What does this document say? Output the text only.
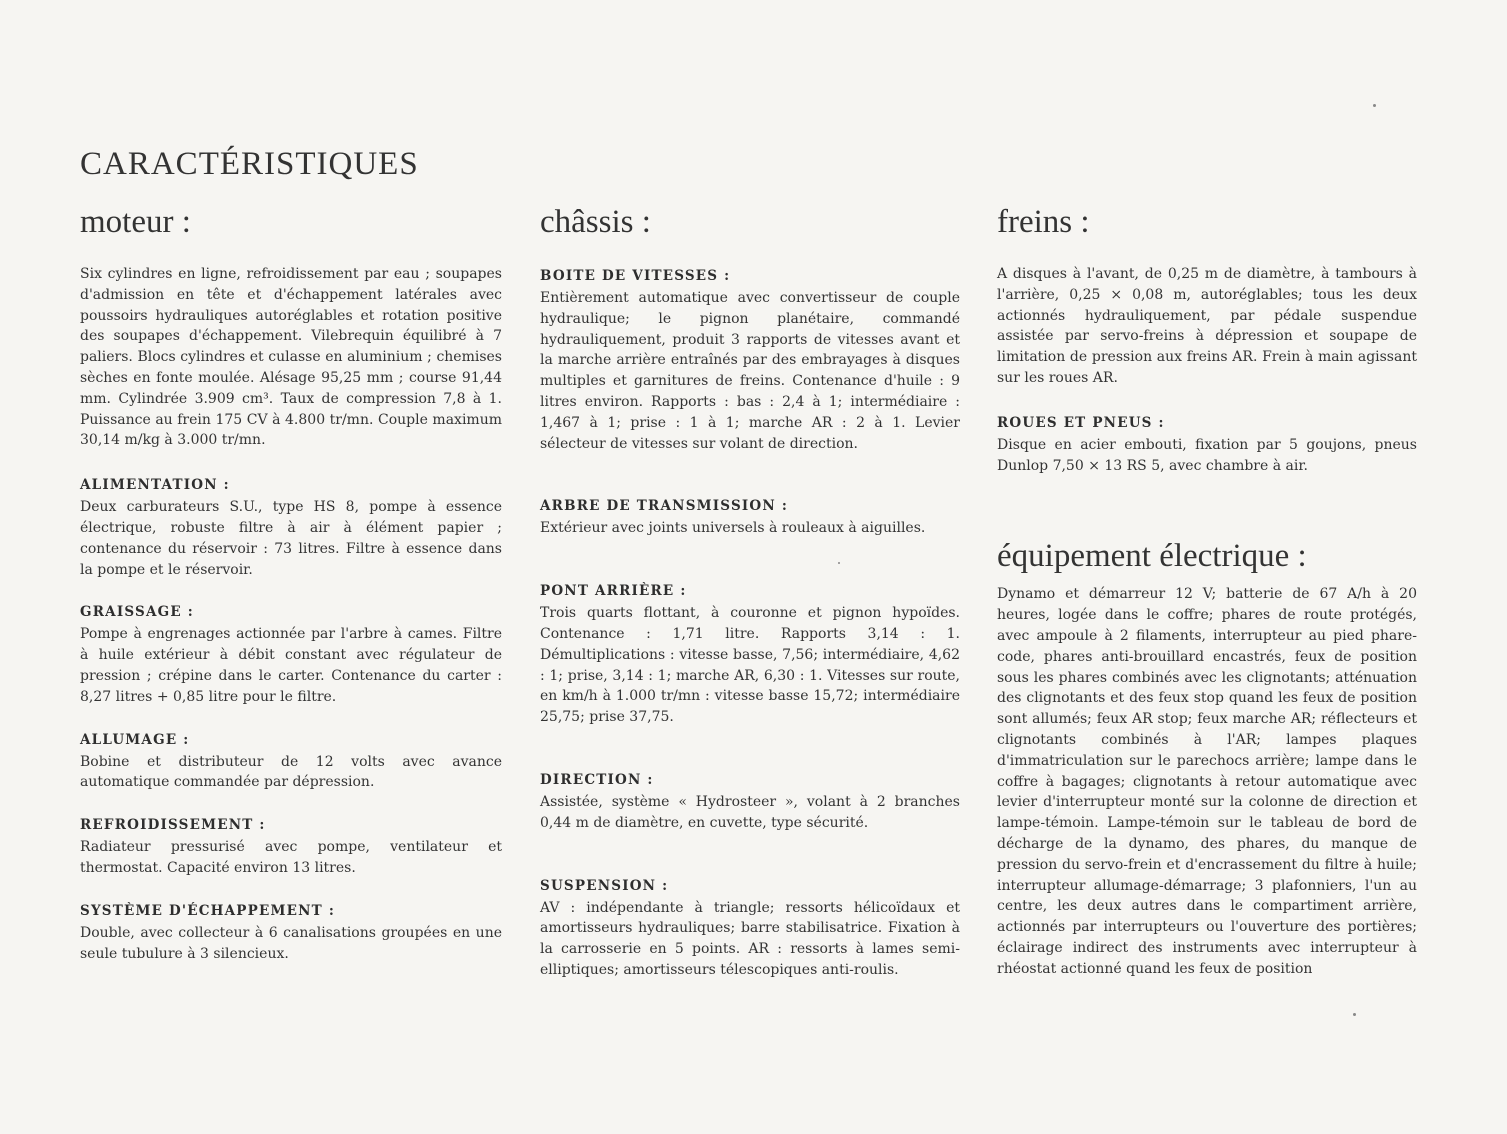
CARACTÉRISTIQUES
moteur :

Six cylindres en ligne, refroidissement par eau ; soupapes d'admission en tête et d'échappement latérales avec poussoirs hydrauliques autoréglables et rotation positive des soupapes d'échappement. Vilebrequin équilibré à 7 paliers. Blocs cylindres et culasse en aluminium ; chemises sèches en fonte moulée. Alésage 95,25 mm ; course 91,44 mm. Cylindrée 3.909 cm³. Taux de compression 7,8 à 1. Puissance au frein 175 CV à 4.800 tr/mn. Couple maximum 30,14 m/kg à 3.000 tr/mn.

ALIMENTATION :

Deux carburateurs S.U., type HS 8, pompe à essence électrique, robuste filtre à air à élément papier ; contenance du réservoir : 73 litres. Filtre à essence dans la pompe et le réservoir.

GRAISSAGE :

Pompe à engrenages actionnée par l'arbre à cames. Filtre à huile extérieur à débit constant avec régulateur de pression ; crépine dans le carter. Contenance du carter : 8,27 litres + 0,85 litre pour le filtre.

ALLUMAGE :

Bobine et distributeur de 12 volts avec avance automatique commandée par dépression.

REFROIDISSEMENT :

Radiateur pressurisé avec pompe, ventilateur et thermostat. Capacité environ 13 litres.

SYSTÈME D'ÉCHAPPEMENT :

Double, avec collecteur à 6 canalisations groupées en une seule tubulure à 3 silencieux.

châssis :

BOITE DE VITESSES :

Entièrement automatique avec convertisseur de couple hydraulique; le pignon planétaire, commandé hydrauliquement, produit 3 rapports de vitesses avant et la marche arrière entraînés par des embrayages à disques multiples et garnitures de freins. Contenance d'huile : 9 litres environ. Rapports : bas : 2,4 à 1; intermédiaire : 1,467 à 1; prise : 1 à 1; marche AR : 2 à 1. Levier sélecteur de vitesses sur volant de direction.

ARBRE DE TRANSMISSION :

Extérieur avec joints universels à rouleaux à aiguilles.

PONT ARRIÈRE :

Trois quarts flottant, à couronne et pignon hypoïdes. Contenance : 1,71 litre. Rapports 3,14 : 1. Démultiplications : vitesse basse, 7,56; intermédiaire, 4,62 : 1; prise, 3,14 : 1; marche AR, 6,30 : 1. Vitesses sur route, en km/h à 1.000 tr/mn : vitesse basse 15,72; intermédiaire 25,75; prise 37,75.

DIRECTION :

Assistée, système « Hydrosteer », volant à 2 branches 0,44 m de diamètre, en cuvette, type sécurité.

SUSPENSION :

AV : indépendante à triangle; ressorts hélicoïdaux et amortisseurs hydrauliques; barre stabilisatrice. Fixation à la carrosserie en 5 points. AR : ressorts à lames semi-elliptiques; amortisseurs télescopiques anti-roulis.

freins :

A disques à l'avant, de 0,25 m de diamètre, à tambours à l'arrière, 0,25 × 0,08 m, autoréglables; tous les deux actionnés hydrauliquement, par pédale suspendue assistée par servo-freins à dépression et soupape de limitation de pression aux freins AR. Frein à main agissant sur les roues AR.

ROUES ET PNEUS :

Disque en acier embouti, fixation par 5 goujons, pneus Dunlop 7,50 × 13 RS 5, avec chambre à air.

équipement électrique :

Dynamo et démarreur 12 V; batterie de 67 A/h à 20 heures, logée dans le coffre; phares de route protégés, avec ampoule à 2 filaments, interrupteur au pied phare-code, phares anti-brouillard encastrés, feux de position sous les phares combinés avec les clignotants; atténuation des clignotants et des feux stop quand les feux de position sont allumés; feux AR stop; feux marche AR; réflecteurs et clignotants combinés à l'AR; lampes plaques d'immatriculation sur le parechocs arrière; lampe dans le coffre à bagages; clignotants à retour automatique avec levier d'interrupteur monté sur la colonne de direction et lampe-témoin. Lampe-témoin sur le tableau de bord de décharge de la dynamo, des phares, du manque de pression du servo-frein et d'encrassement du filtre à huile; interrupteur allumage-démarrage; 3 plafonniers, l'un au centre, les deux autres dans le compartiment arrière, actionnés par interrupteurs ou l'ouverture des portières; éclairage indirect des instruments avec interrupteur à rhéostat actionné quand les feux de position
